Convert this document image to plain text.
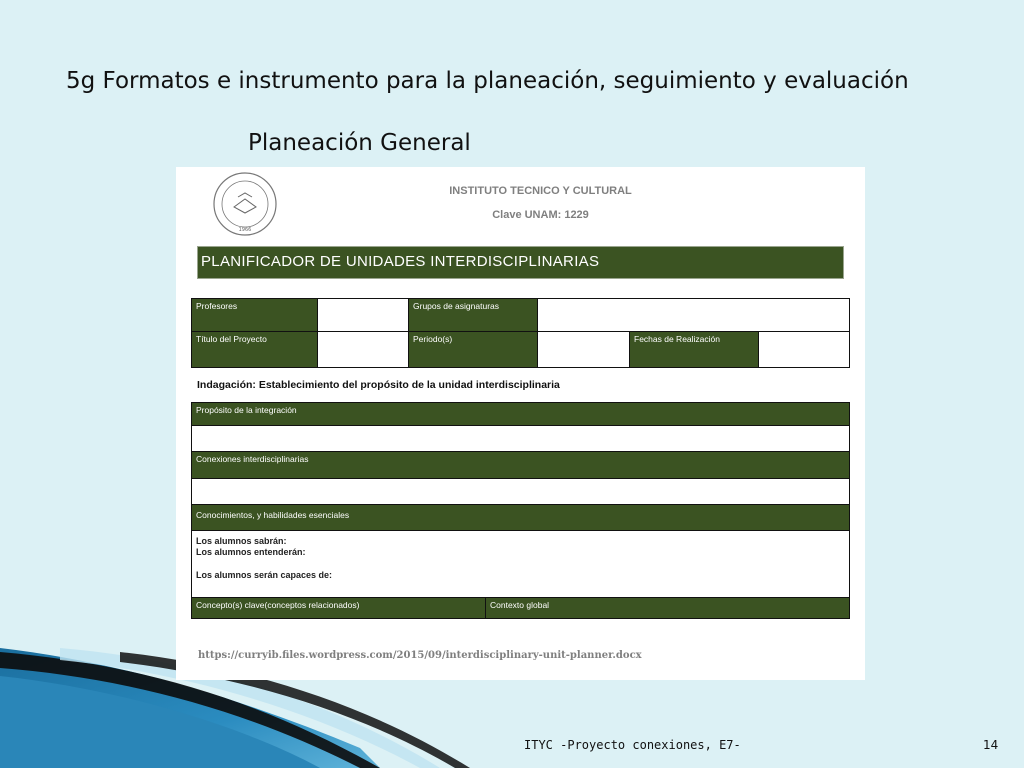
5g Formatos e instrumento para la planeación, seguimiento y evaluación
Planeación General
1966
INSTITUTO TECNICO Y CULTURAL
Clave UNAM: 1229
PLANIFICADOR DE UNIDADES INTERDISCIPLINARIAS
Profesores	Grupos de asignaturas
Título del Proyecto	Periodo(s)	Fechas de Realización
Indagación: Establecimiento del propósito de la unidad interdisciplinaria
Propósito de la integración
Conexiones interdisciplinarias
Conocimientos, y habilidades esenciales
Los alumnos sabrán:
Los alumnos entenderán:
Los alumnos serán capaces de:
Concepto(s) clave(conceptos relacionados)	Contexto global
https://curryib.files.wordpress.com/2015/09/interdisciplinary-unit-planner.docx
ITYC -Proyecto conexiones, E7-	14
